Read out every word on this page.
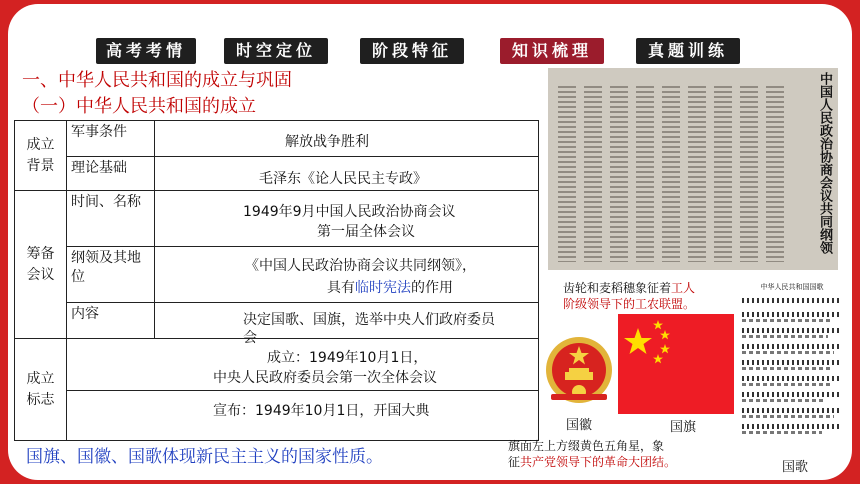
高考考情	时空定位	阶段特征	知识梳理	真题训练
一、中华人民共和国的成立与巩固
（一）中华人民共和国的成立
成立背景	军事条件	解放战争胜利

	理论基础	毛泽东《论人民民主专政》

筹备会议	时间、名称	1949年9月中国人民政治协商会议
第一届全体会议

	纲领及其地位	《中国人民政治协商会议共同纲领》，
具有临时宪法的作用

	内容	决定国歌、国旗，选举中央人们政府委员
会

成立标志	成立：1949年10月1日，
中央人民政府委员会第一次全体会议	

	宣布：1949年10月1日，开国大典	
国旗、国徽、国歌体现新民主主义的国家性质。
中国人民政治协商会议共同纲领
齿轮和麦稻穗象征着工人
阶级领导下的工农联盟。
国徽	国旗
旗面左上方缀黄色五角星，象
征共产党领导下的革命大团结。
中华人民共和国国歌
国歌
